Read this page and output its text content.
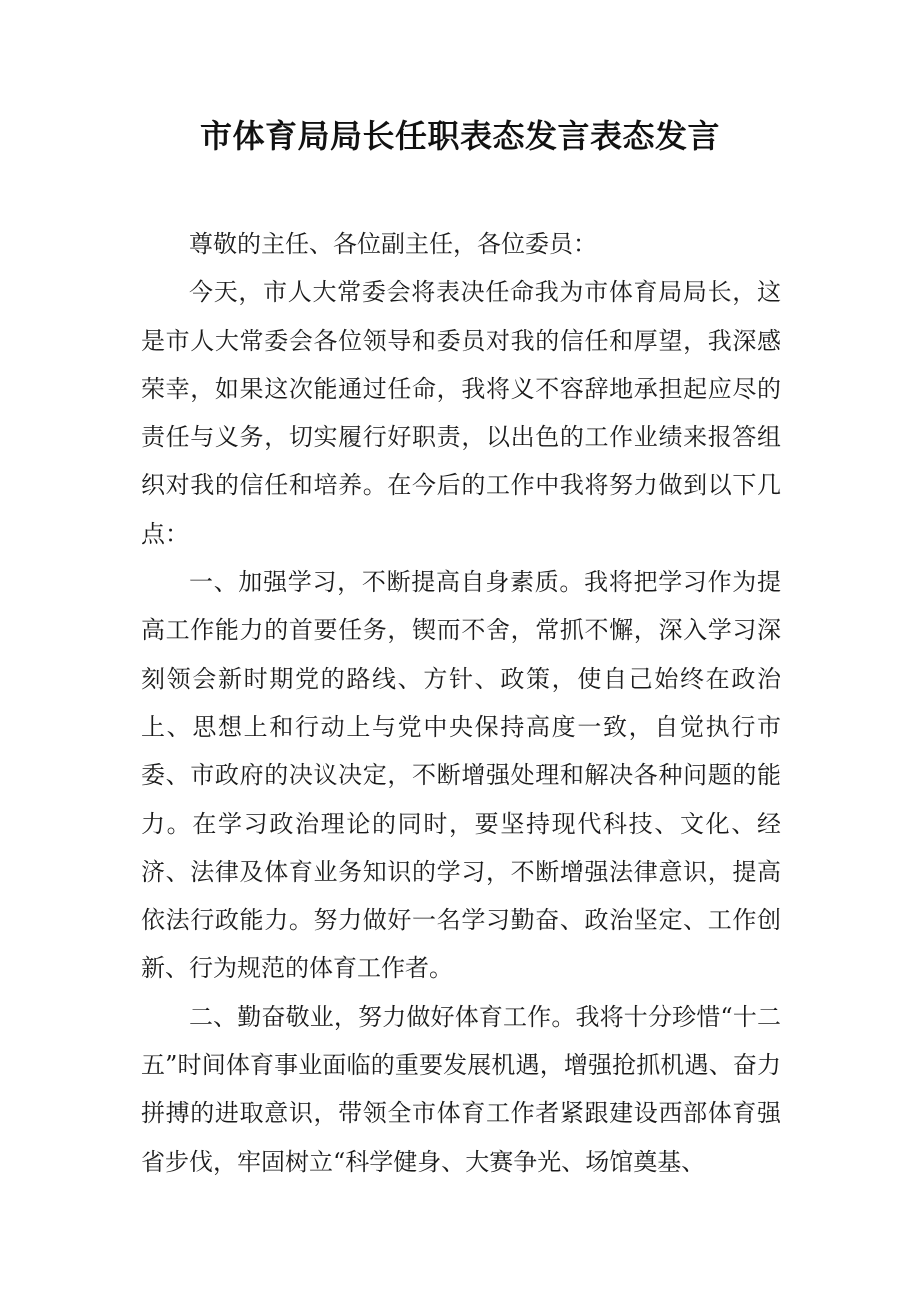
市体育局局长任职表态发言表态发言

尊敬的主任、各位副主任，各位委员：

今天，市人大常委会将表决任命我为市体育局局长，这是市人大常委会各位领导和委员对我的信任和厚望，我深感荣幸，如果这次能通过任命，我将义不容辞地承担起应尽的责任与义务，切实履行好职责，以出色的工作业绩来报答组织对我的信任和培养。在今后的工作中我将努力做到以下几点：

一、加强学习，不断提高自身素质。我将把学习作为提高工作能力的首要任务，锲而不舍，常抓不懈，深入学习深刻领会新时期党的路线、方针、政策，使自己始终在政治上、思想上和行动上与党中央保持高度一致，自觉执行市委、市政府的决议决定，不断增强处理和解决各种问题的能力。在学习政治理论的同时，要坚持现代科技、文化、经济、法律及体育业务知识的学习，不断增强法律意识，提高依法行政能力。努力做好一名学习勤奋、政治坚定、工作创新、行为规范的体育工作者。

二、勤奋敬业，努力做好体育工作。我将十分珍惜“十二五”时间体育事业面临的重要发展机遇，增强抢抓机遇、奋力拼搏的进取意识，带领全市体育工作者紧跟建设西部体育强省步伐，牢固树立“科学健身、大赛争光、场馆奠基、
